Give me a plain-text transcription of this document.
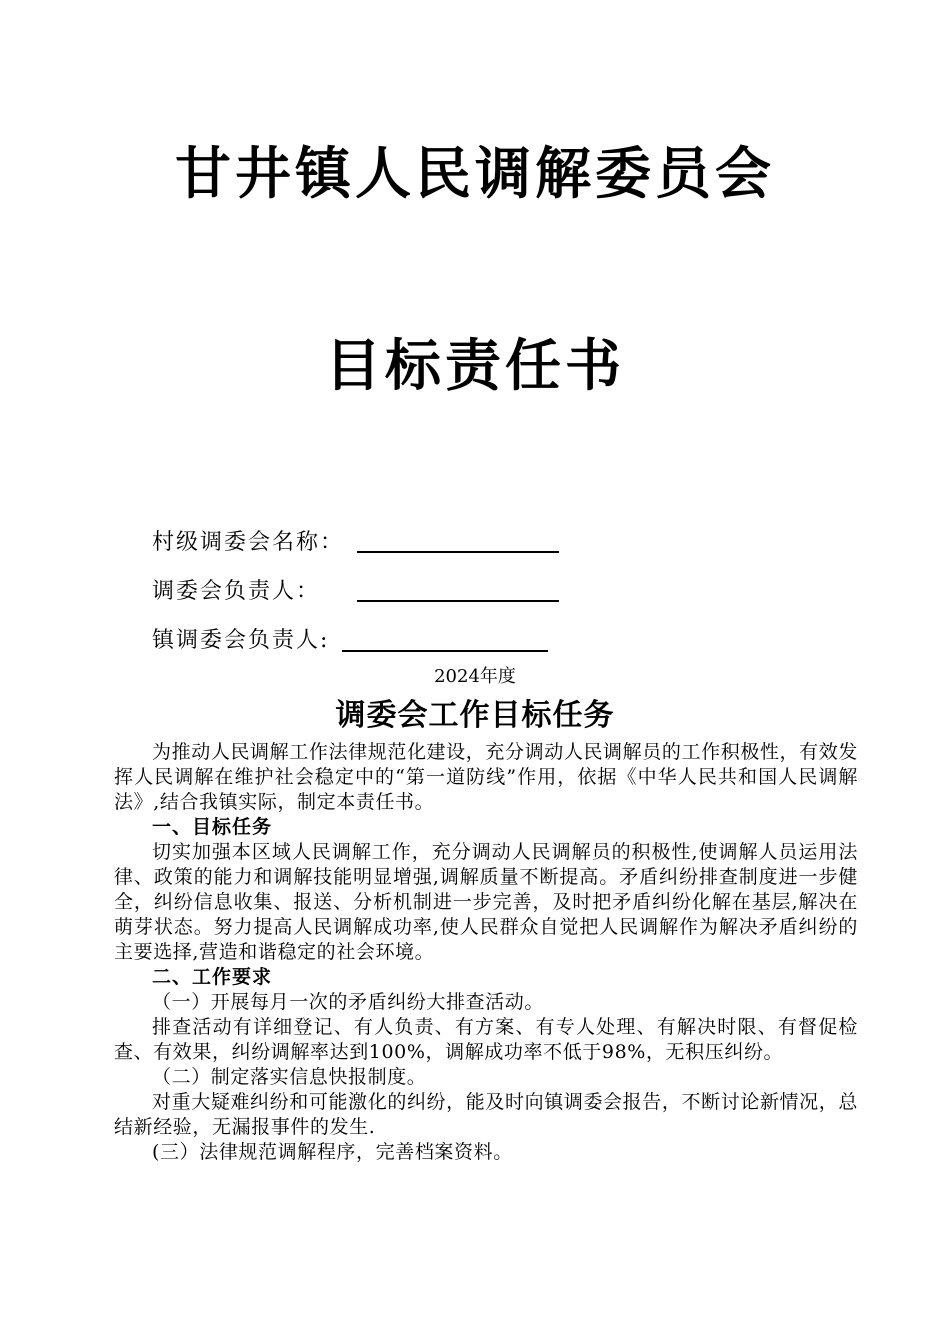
甘井镇人民调解委员会
目标责任书
村级调委会名称：
调委会负责人：
镇调委会负责人:
2024年度
调委会工作目标任务

为推动人民调解工作法律规范化建设，充分调动人民调解员的工作积极性，有效发挥人民调解在维护社会稳定中的“第一道防线”作用，依据《中华人民共和国人民调解法》,结合我镇实际，制定本责任书。

一、目标任务

切实加强本区域人民调解工作，充分调动人民调解员的积极性,使调解人员运用法律、政策的能力和调解技能明显增强,调解质量不断提高。矛盾纠纷排查制度进一步健全，纠纷信息收集、报送、分析机制进一步完善，及时把矛盾纠纷化解在基层,解决在萌芽状态。努力提高人民调解成功率,使人民群众自觉把人民调解作为解决矛盾纠纷的主要选择,营造和谐稳定的社会环境。

二、工作要求

（一）开展每月一次的矛盾纠纷大排查活动。

排查活动有详细登记、有人负责、有方案、有专人处理、有解决时限、有督促检查、有效果，纠纷调解率达到100%，调解成功率不低于98%，无积压纠纷。

（二）制定落实信息快报制度。

对重大疑难纠纷和可能激化的纠纷，能及时向镇调委会报告，不断讨论新情况，总结新经验，无漏报事件的发生.

(三）法律规范调解程序，完善档案资料。
